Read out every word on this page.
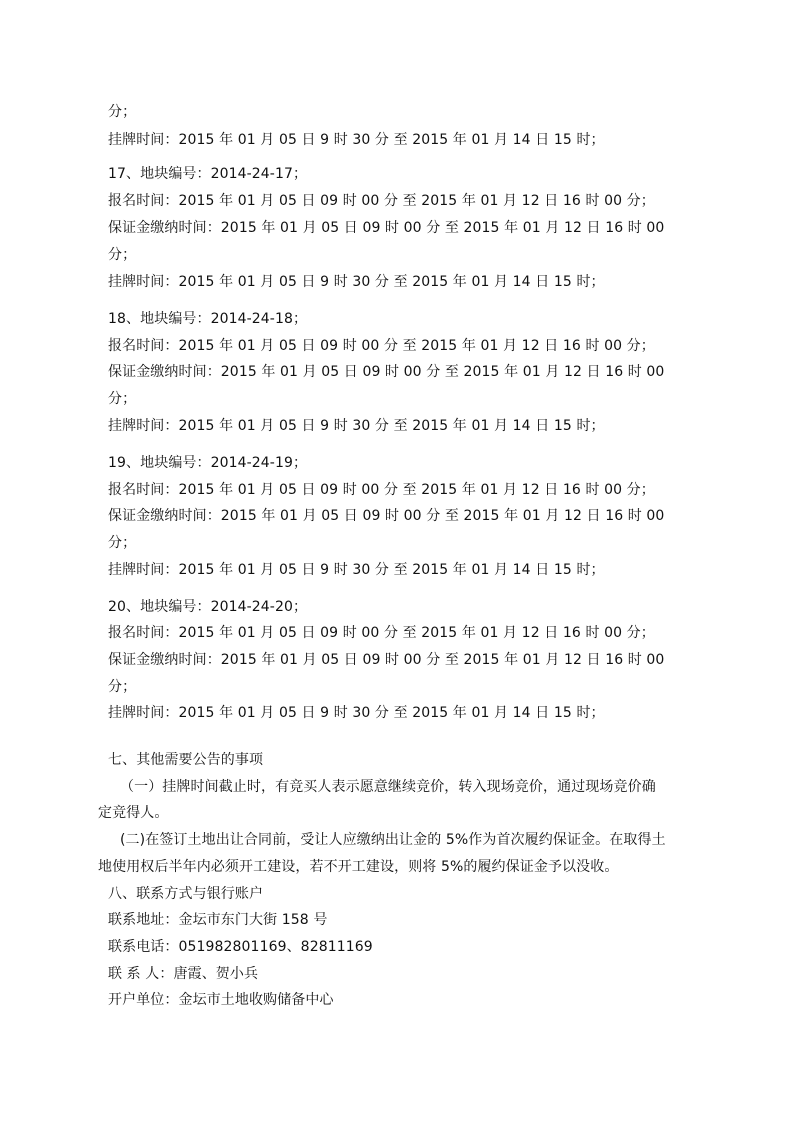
分；
挂牌时间：2015 年 01 月 05 日 9 时 30 分 至 2015 年 01 月 14 日 15 时；
17、地块编号：2014-24-17；
报名时间：2015 年 01 月 05 日 09 时 00 分 至 2015 年 01 月 12 日 16 时 00 分；
保证金缴纳时间：2015 年 01 月 05 日 09 时 00 分 至 2015 年 01 月 12 日 16 时 00
分；
挂牌时间：2015 年 01 月 05 日 9 时 30 分 至 2015 年 01 月 14 日 15 时；
18、地块编号：2014-24-18；
报名时间：2015 年 01 月 05 日 09 时 00 分 至 2015 年 01 月 12 日 16 时 00 分；
保证金缴纳时间：2015 年 01 月 05 日 09 时 00 分 至 2015 年 01 月 12 日 16 时 00
分；
挂牌时间：2015 年 01 月 05 日 9 时 30 分 至 2015 年 01 月 14 日 15 时；
19、地块编号：2014-24-19；
报名时间：2015 年 01 月 05 日 09 时 00 分 至 2015 年 01 月 12 日 16 时 00 分；
保证金缴纳时间：2015 年 01 月 05 日 09 时 00 分 至 2015 年 01 月 12 日 16 时 00
分；
挂牌时间：2015 年 01 月 05 日 9 时 30 分 至 2015 年 01 月 14 日 15 时；
20、地块编号：2014-24-20；
报名时间：2015 年 01 月 05 日 09 时 00 分 至 2015 年 01 月 12 日 16 时 00 分；
保证金缴纳时间：2015 年 01 月 05 日 09 时 00 分 至 2015 年 01 月 12 日 16 时 00
分；
挂牌时间：2015 年 01 月 05 日 9 时 30 分 至 2015 年 01 月 14 日 15 时；
七、其他需要公告的事项
（一）挂牌时间截止时，有竞买人表示愿意继续竞价，转入现场竞价，通过现场竞价确
定竞得人。
(二)在签订土地出让合同前，受让人应缴纳出让金的 5%作为首次履约保证金。在取得土
地使用权后半年内必须开工建设，若不开工建设，则将 5%的履约保证金予以没收。
八、联系方式与银行账户
联系地址：金坛市东门大街 158 号
联系电话：051982801169、82811169
联 系 人：唐霞、贺小兵
开户单位：金坛市土地收购储备中心
